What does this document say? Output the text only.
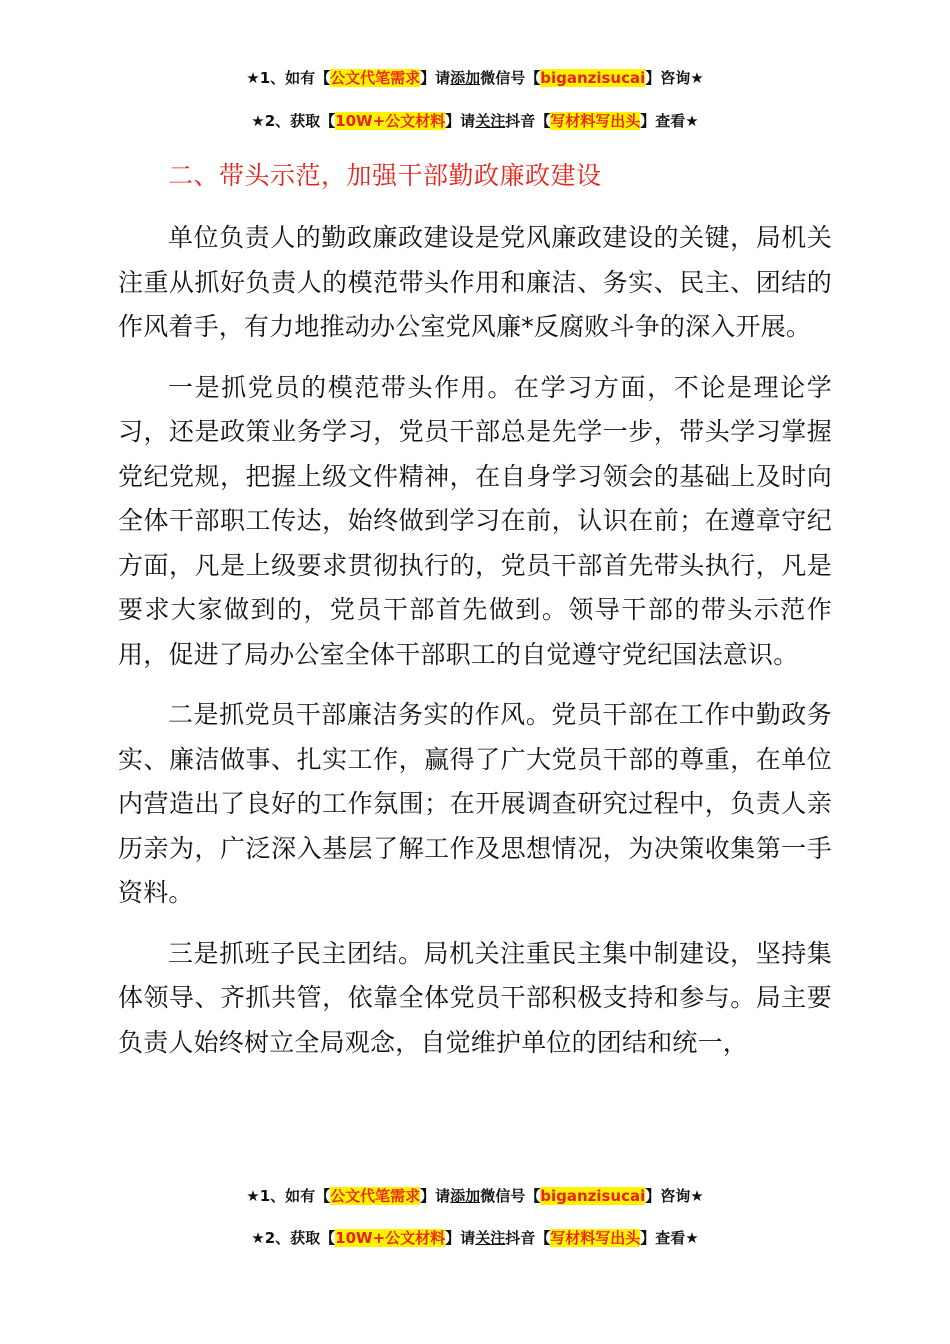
★1、如有【公文代笔需求】请添加微信号【biganzisucai】咨询★
★2、获取【10W+公文材料】请关注抖音【写材料写出头】查看★
二、带头示范，加强干部勤政廉政建设

单位负责人的勤政廉政建设是党风廉政建设的关键，局机关注重从抓好负责人的模范带头作用和廉洁、务实、民主、团结的作风着手，有力地推动办公室党风廉*反腐败斗争的深入开展。

一是抓党员的模范带头作用。在学习方面，不论是理论学习，还是政策业务学习，党员干部总是先学一步，带头学习掌握党纪党规，把握上级文件精神，在自身学习领会的基础上及时向全体干部职工传达，始终做到学习在前，认识在前；在遵章守纪方面，凡是上级要求贯彻执行的，党员干部首先带头执行，凡是要求大家做到的，党员干部首先做到。领导干部的带头示范作用，促进了局办公室全体干部职工的自觉遵守党纪国法意识。

二是抓党员干部廉洁务实的作风。党员干部在工作中勤政务实、廉洁做事、扎实工作，赢得了广大党员干部的尊重，在单位内营造出了良好的工作氛围；在开展调查研究过程中，负责人亲历亲为，广泛深入基层了解工作及思想情况，为决策收集第一手资料。

三是抓班子民主团结。局机关注重民主集中制建设，坚持集体领导、齐抓共管，依靠全体党员干部积极支持和参与。局主要负责人始终树立全局观念，自觉维护单位的团结和统一，

★1、如有【公文代笔需求】请添加微信号【biganzisucai】咨询★
★2、获取【10W+公文材料】请关注抖音【写材料写出头】查看★
